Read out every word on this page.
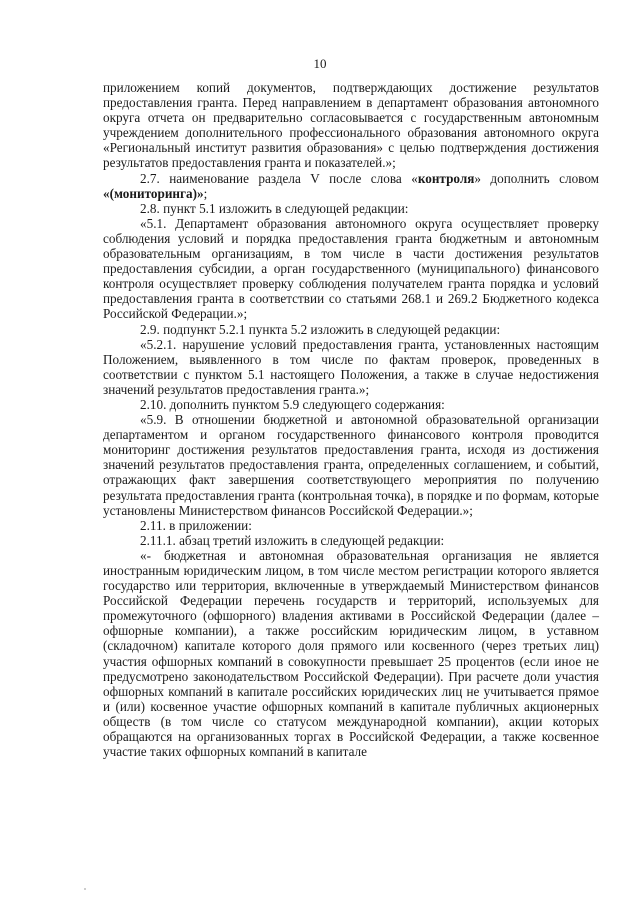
10

приложением копий документов, подтверждающих достижение результатов предоставления гранта. Перед направлением в департамент образования автономного округа отчета он предварительно согласовывается с государственным автономным учреждением дополнительного профессионального образования автономного округа «Региональный институт развития образования» с целью подтверждения достижения результатов предоставления гранта и показателей.»;

2.7. наименование раздела V после слова «контроля» дополнить словом «(мониторинга)»;

2.8. пункт 5.1 изложить в следующей редакции:

«5.1. Департамент образования автономного округа осуществляет проверку соблюдения условий и порядка предоставления гранта бюджетным и автономным образовательным организациям, в том числе в части достижения результатов предоставления субсидии, а орган государственного (муниципального) финансового контроля осуществляет проверку соблюдения получателем гранта порядка и условий предоставления гранта в соответствии со статьями 268.1 и 269.2 Бюджетного кодекса Российской Федерации.»;

2.9. подпункт 5.2.1 пункта 5.2 изложить в следующей редакции:

«5.2.1. нарушение условий предоставления гранта, установленных настоящим Положением, выявленного в том числе по фактам проверок, проведенных в соответствии с пунктом 5.1 настоящего Положения, а также в случае недостижения значений результатов предоставления гранта.»;

2.10. дополнить пунктом 5.9 следующего содержания:

«5.9. В отношении бюджетной и автономной образовательной организации департаментом и органом государственного финансового контроля проводится мониторинг достижения результатов предоставления гранта, исходя из достижения значений результатов предоставления гранта, определенных соглашением, и событий, отражающих факт завершения соответствующего мероприятия по получению результата предоставления гранта (контрольная точка), в порядке и по формам, которые установлены Министерством финансов Российской Федерации.»;

2.11. в приложении:

2.11.1. абзац третий изложить в следующей редакции:

«- бюджетная и автономная образовательная организация не является иностранным юридическим лицом, в том числе местом регистрации которого является государство или территория, включенные в утверждаемый Министерством финансов Российской Федерации перечень государств и территорий, используемых для промежуточного (офшорного) владения активами в Российской Федерации (далее – офшорные компании), а также российским юридическим лицом, в уставном (складочном) капитале которого доля прямого или косвенного (через третьих лиц) участия офшорных компаний в совокупности превышает 25 процентов (если иное не предусмотрено законодательством Российской Федерации). При расчете доли участия офшорных компаний в капитале российских юридических лиц не учитывается прямое и (или) косвенное участие офшорных компаний в капитале публичных акционерных обществ (в том числе со статусом международной компании), акции которых обращаются на организованных торгах в Российской Федерации, а также косвенное участие таких офшорных компаний в капитале
